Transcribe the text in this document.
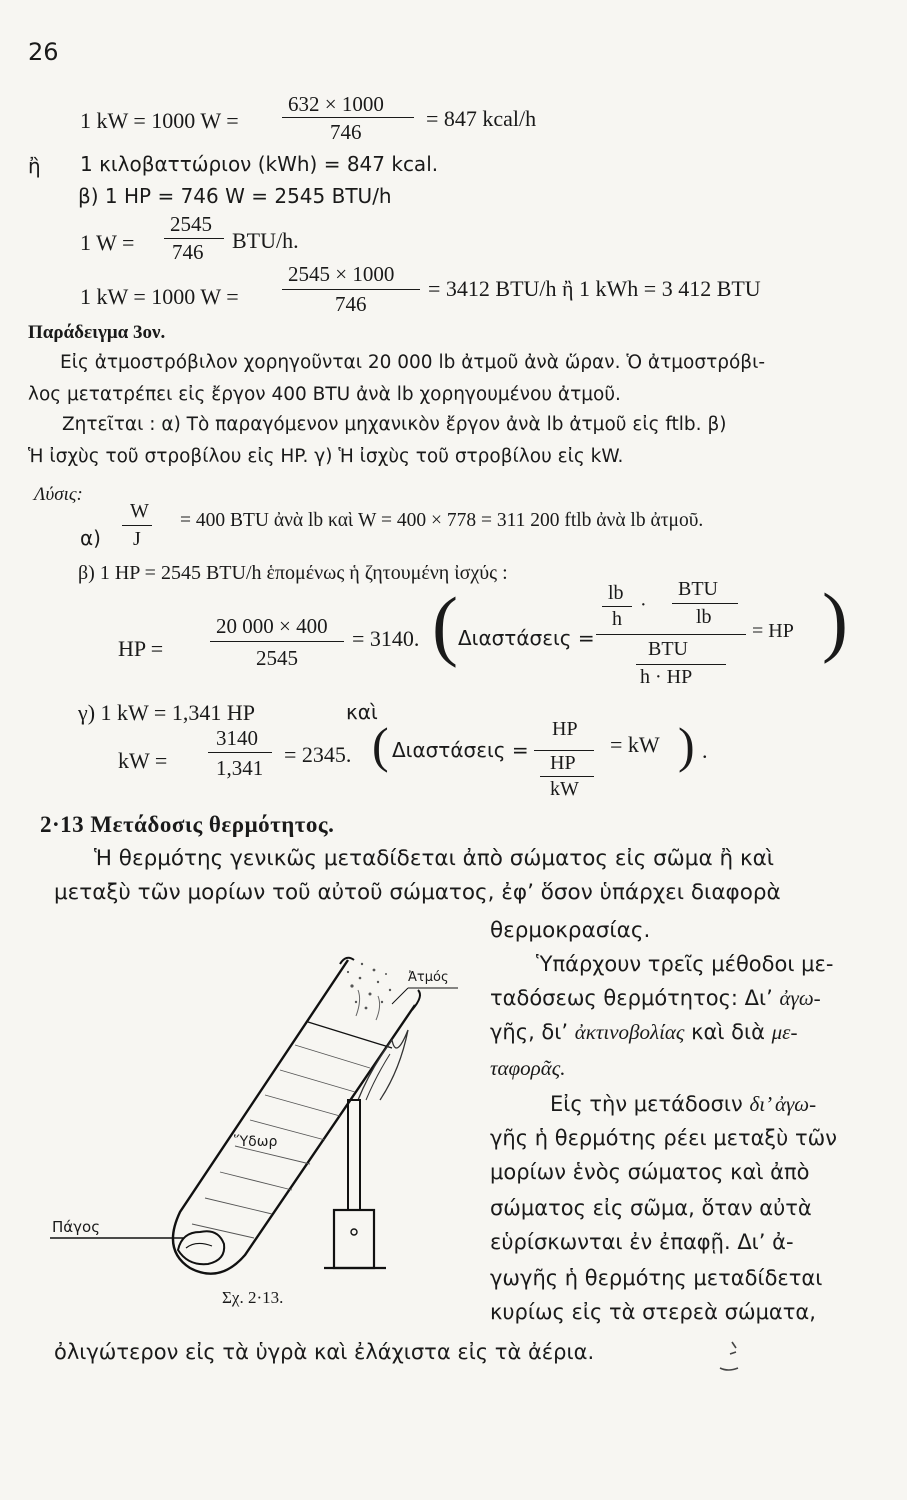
26
1 kW = 1000 W =
632 × 1000
746
= 847 kcal/h
ἢ 1 κιλοβαττώριον (kWh) = 847 kcal.
β) 1 HP = 746 W = 2545 BTU/h
1 W =
2545
746 BTU/h.
1 kW = 1000 W =
2545 × 1000
746
= 3412 BTU/h ἢ 1 kWh = 3 412 BTU
Παράδειγμα 3ον.
Εἰς ἀτμοστρόβιλον χορηγοῦνται 20 000 lb ἀτμοῦ ἀνὰ ὥραν. Ὁ ἀτμοστρόβι-
λος μετατρέπει εἰς ἔργον 400 BTU ἀνὰ lb χορηγουμένου ἀτμοῦ.
Ζητεῖται : α) Τὸ παραγόμενον μηχανικὸν ἔργον ἀνὰ lb ἀτμοῦ εἰς ftlb. β)
Ἡ ἰσχὺς τοῦ στροβίλου εἰς HP. γ) Ἡ ἰσχὺς τοῦ στροβίλου εἰς kW.
Λύσις:
α)
W
J
= 400 BTU ἀνὰ lb καὶ W = 400 × 778 = 311 200 ftlb ἀνὰ lb ἀτμοῦ.
β) 1 HP = 2545 BTU/h ἑπομένως ἡ ζητουμένη ἰσχύς :
HP =
20 000 × 400
2545
= 3140. ( Διαστάσεις =
lb
h
·
BTU
lb
BTU
h · HP
= HP )
γ) 1 kW = 1,341 HP	καὶ
kW =
3140
1,341
= 2345. ( Διαστάσεις =
HP
HP
kW
= kW ) .
2·13 Μετάδοσις θερμότητος.
Ἡ θερμότης γενικῶς μεταδίδεται ἀπὸ σώματος εἰς σῶμα ἢ καὶ
μεταξὺ τῶν μορίων τοῦ αὐτοῦ σώματος, ἐφ’ ὅσον ὑπάρχει διαφορὰ
θερμοκρασίας.
Ὑπάρχουν τρεῖς μέθοδοι με-
ταδόσεως θερμότητος: Δι’ ἀγω-
γῆς, δι’ ἀκτινοβολίας καὶ διὰ με-
ταφορᾶς.
Εἰς τὴν μετάδοσιν δι’ ἀγω-
γῆς ἡ θερμότης ρέει μεταξὺ τῶν
μορίων ἑνὸς σώματος καὶ ἀπὸ
σώματος εἰς σῶμα, ὅταν αὐτὰ
εὑρίσκωνται ἐν ἐπαφῇ. Δι’ ἀ-
γωγῆς ἡ θερμότης μεταδίδεται
κυρίως εἰς τὰ στερεὰ σώματα,
ὀλιγώτερον εἰς τὰ ὑγρὰ καὶ ἐλάχιστα εἰς τὰ ἀέρια.
Ἀτμός
Ὕδωρ
Πάγος
Σχ. 2·13.
